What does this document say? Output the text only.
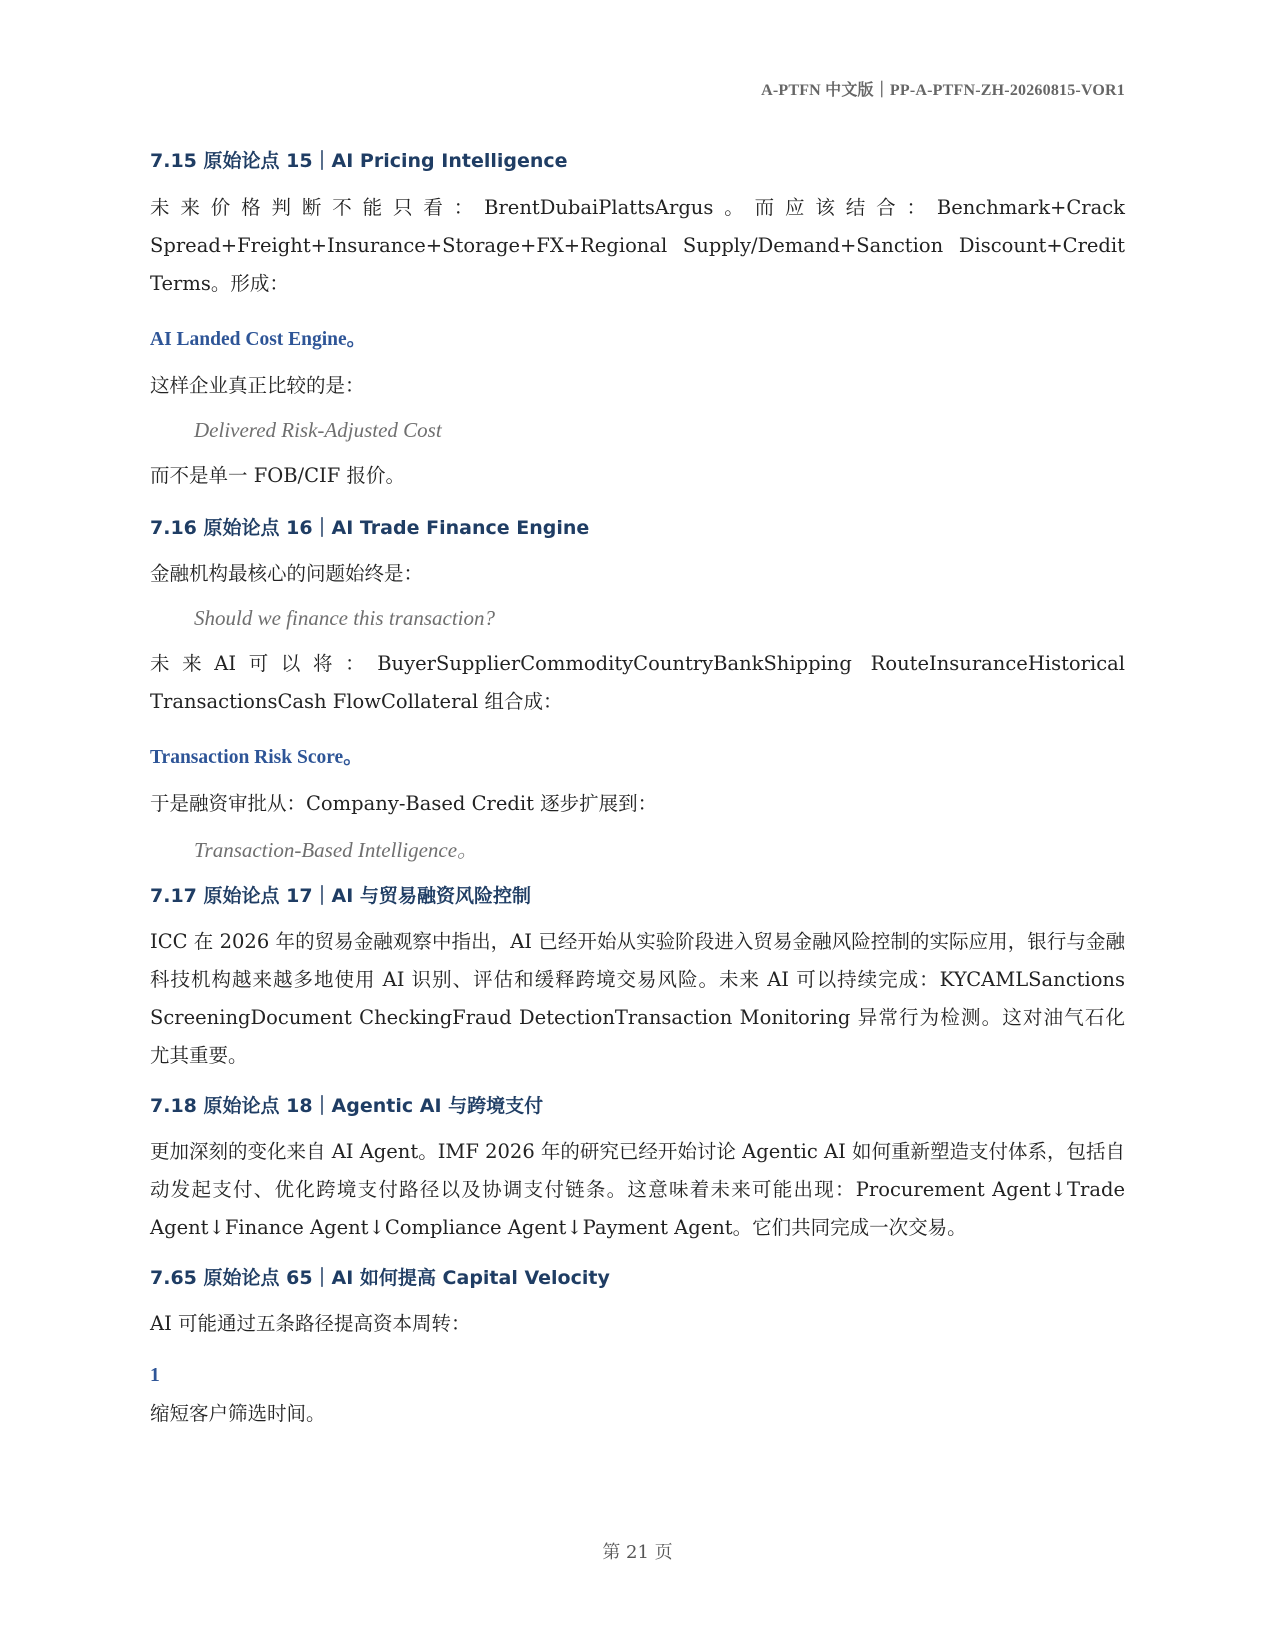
A-PTFN 中文版｜PP-A-PTFN-ZH-20260815-VOR1
7.15 原始论点 15｜AI Pricing Intelligence

未来价格判断不能只看：BrentDubaiPlattsArgus。而应该结合：Benchmark+Crack

Spread+Freight+Insurance+Storage+FX+Regional Supply/Demand+Sanction Discount+Credit Terms。形成：

AI Landed Cost Engine。

这样企业真正比较的是：

Delivered Risk-Adjusted Cost

而不是单一 FOB/CIF 报价。

7.16 原始论点 16｜AI Trade Finance Engine

金融机构最核心的问题始终是：

Should we finance this transaction?

未来AI可以将：BuyerSupplierCommodityCountryBankShipping RouteInsuranceHistorical

TransactionsCash FlowCollateral 组合成：

Transaction Risk Score。

于是融资审批从：Company-Based Credit 逐步扩展到：

Transaction-Based Intelligence。
7.17 原始论点 17｜AI 与贸易融资风险控制

ICC 在 2026 年的贸易金融观察中指出，AI 已经开始从实验阶段进入贸易金融风险控制的实际应用，银行与金融科技机构越来越多地使用 AI 识别、评估和缓释跨境交易风险。未来 AI 可以持续完成：KYCAMLSanctions ScreeningDocument CheckingFraud DetectionTransaction Monitoring 异常行为检测。这对油气石化尤其重要。

7.18 原始论点 18｜Agentic AI 与跨境支付

更加深刻的变化来自 AI Agent。IMF 2026 年的研究已经开始讨论 Agentic AI 如何重新塑造支付体系，包括自动发起支付、优化跨境支付路径以及协调支付链条。这意味着未来可能出现：Procurement Agent↓Trade Agent↓Finance Agent↓Compliance Agent↓Payment Agent。它们共同完成一次交易。

7.65 原始论点 65｜AI 如何提高 Capital Velocity

AI 可能通过五条路径提高资本周转：

1

缩短客户筛选时间。

第 21 页
